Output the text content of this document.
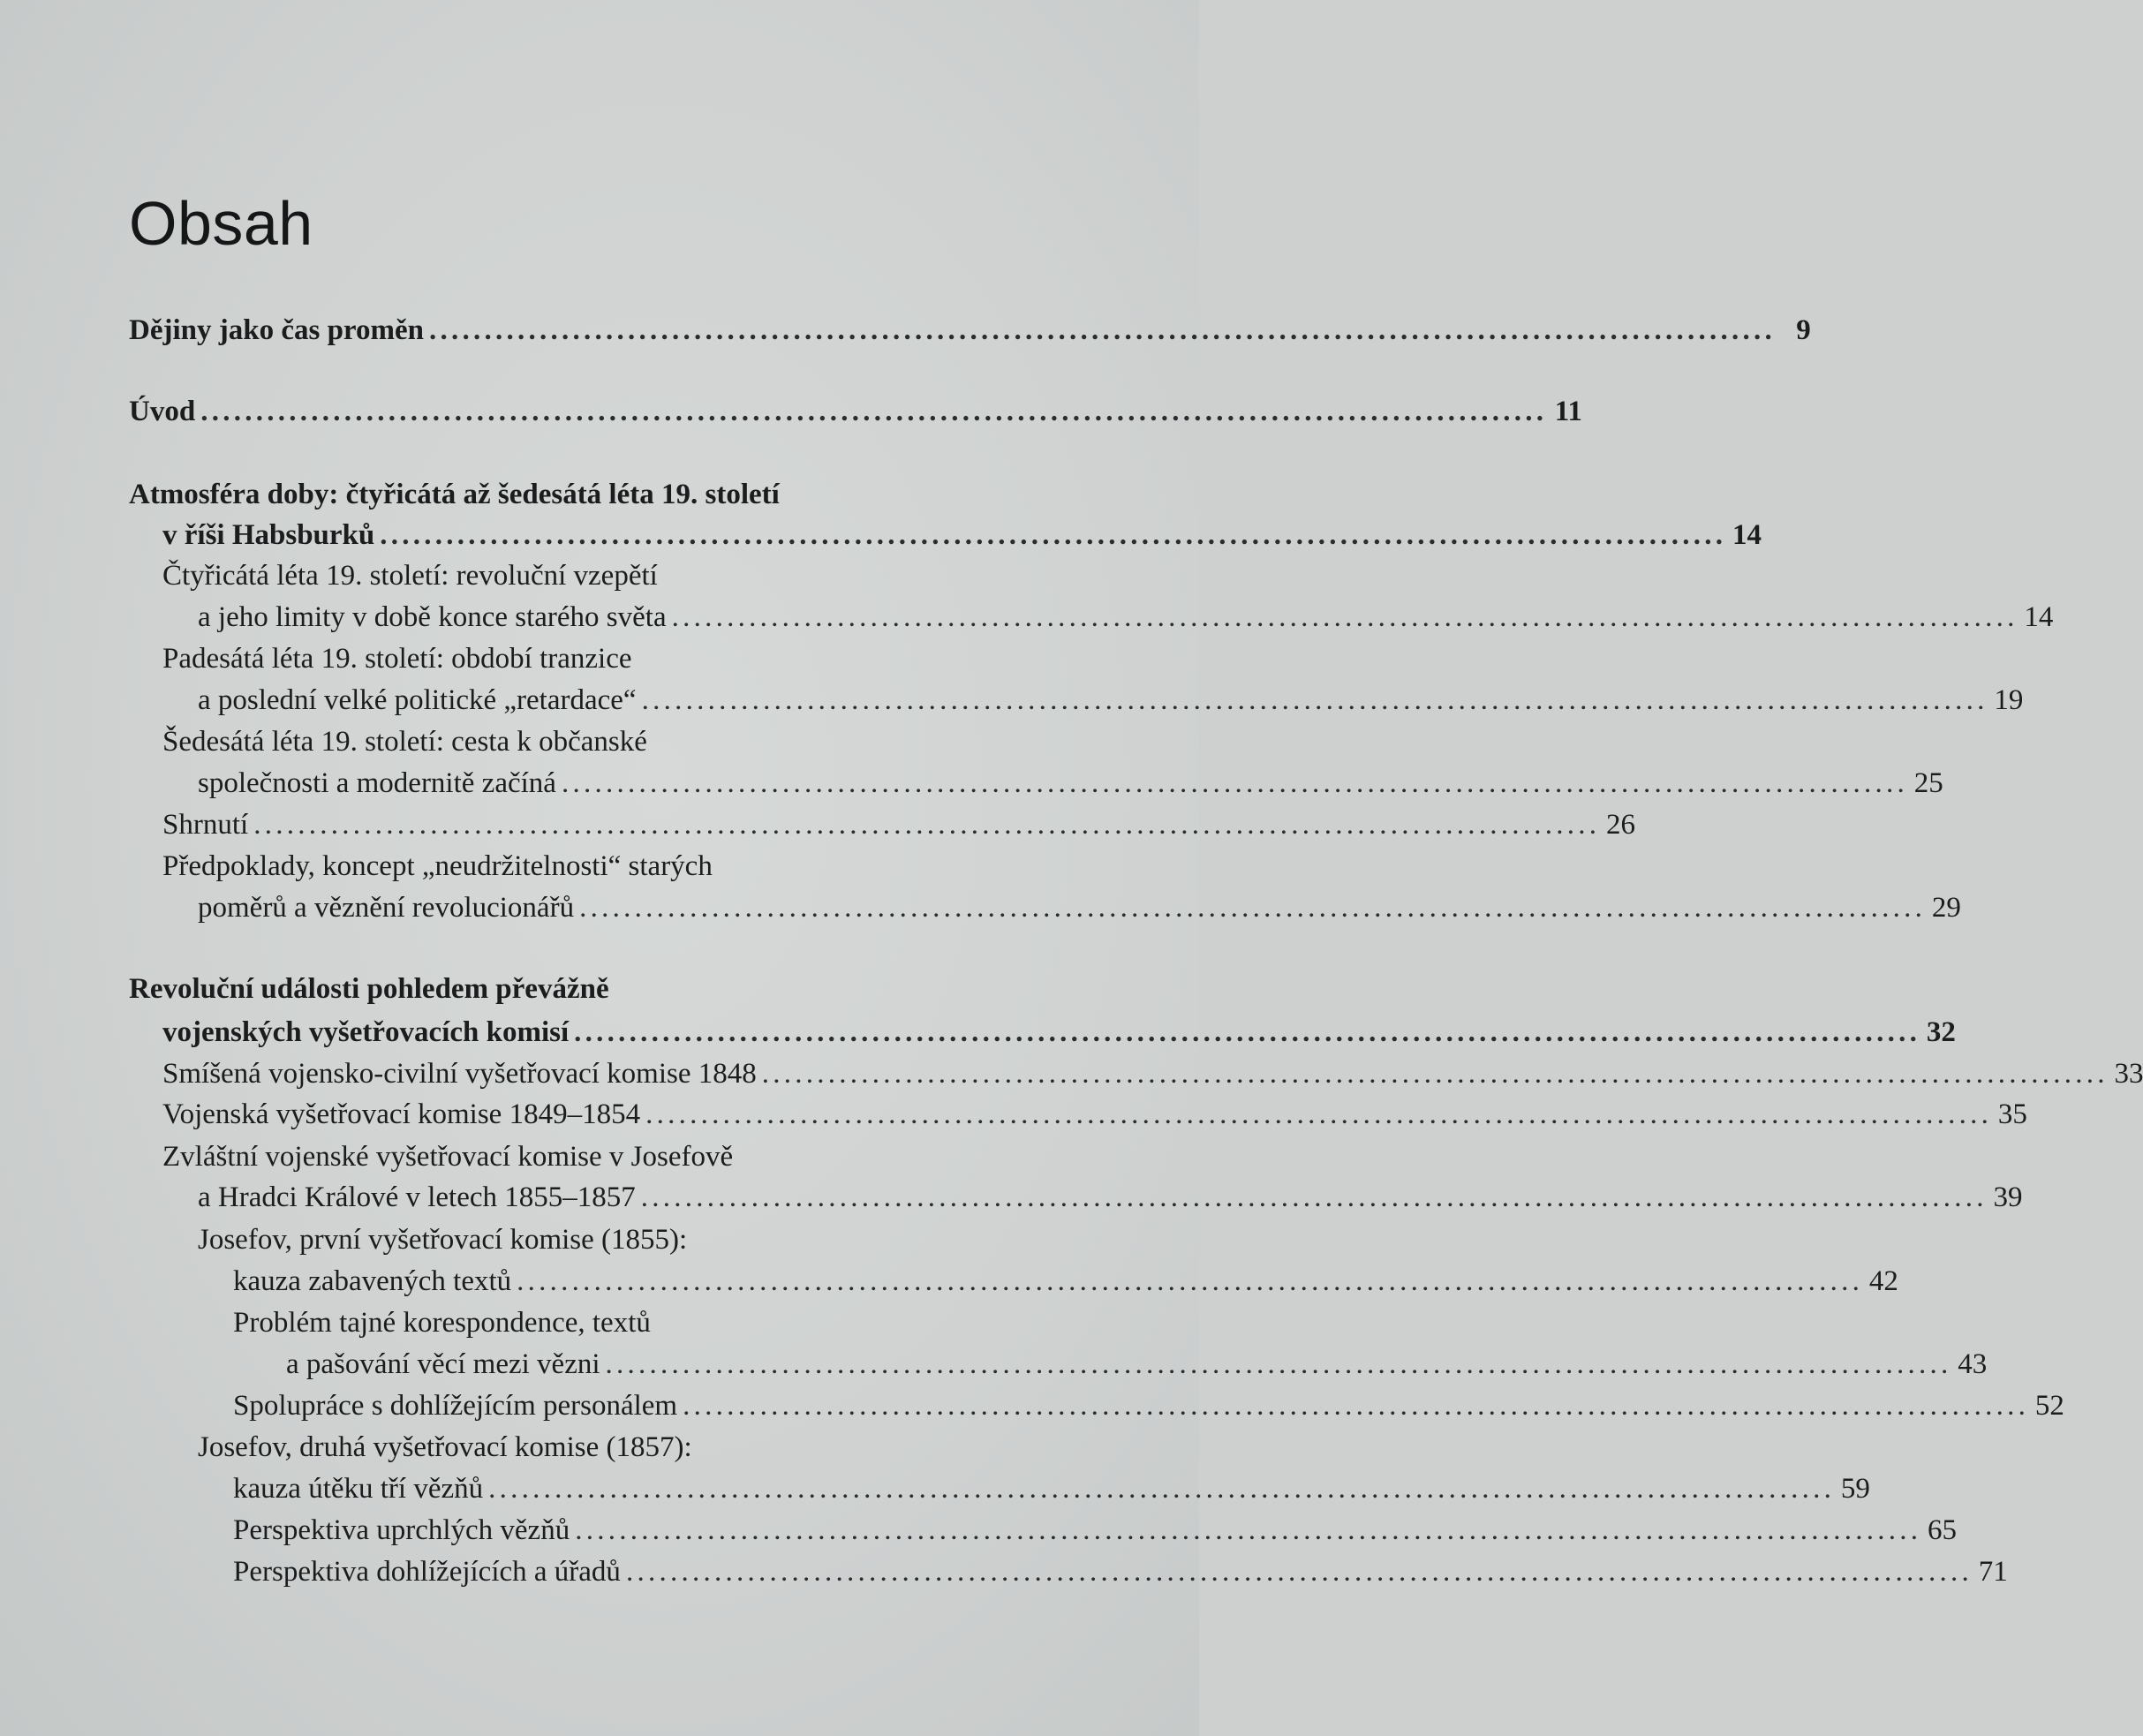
Obsah
Dějiny jako čas proměn . . .	9
Úvod . . .	11
Atmosféra doby: čtyřicátá až šedesátá léta 19. století
v říši Habsburků . . .	14
Čtyřicátá léta 19. století: revoluční vzepětí
a jeho limity v době konce starého světa . . .	14
Padesátá léta 19. století: období tranzice
a poslední velké politické „retardace“ . . .	19
Šedesátá léta 19. století: cesta k občanské
společnosti a modernitě začíná . . .	25
Shrnutí . . .	26
Předpoklady, koncept „neudržitelnosti“ starých
poměrů a věznění revolucionářů . . .	29
Revoluční události pohledem převážně
vojenských vyšetřovacích komisí . . .	32
Smíšená vojensko-civilní vyšetřovací komise 1848 . . .	33
Vojenská vyšetřovací komise 1849–1854 . . .	35
Zvláštní vojenské vyšetřovací komise v Josefově
a Hradci Králové v letech 1855–1857 . . .	39
Josefov, první vyšetřovací komise (1855):
kauza zabavených textů . . .	42
Problém tajné korespondence, textů
a pašování věcí mezi vězni . . .	43
Spolupráce s dohlížejícím personálem . . .	52
Josefov, druhá vyšetřovací komise (1857):
kauza útěku tří vězňů . . .	59
Perspektiva uprchlých vězňů . . .	65
Perspektiva dohlížejících a úřadů . . .	71
